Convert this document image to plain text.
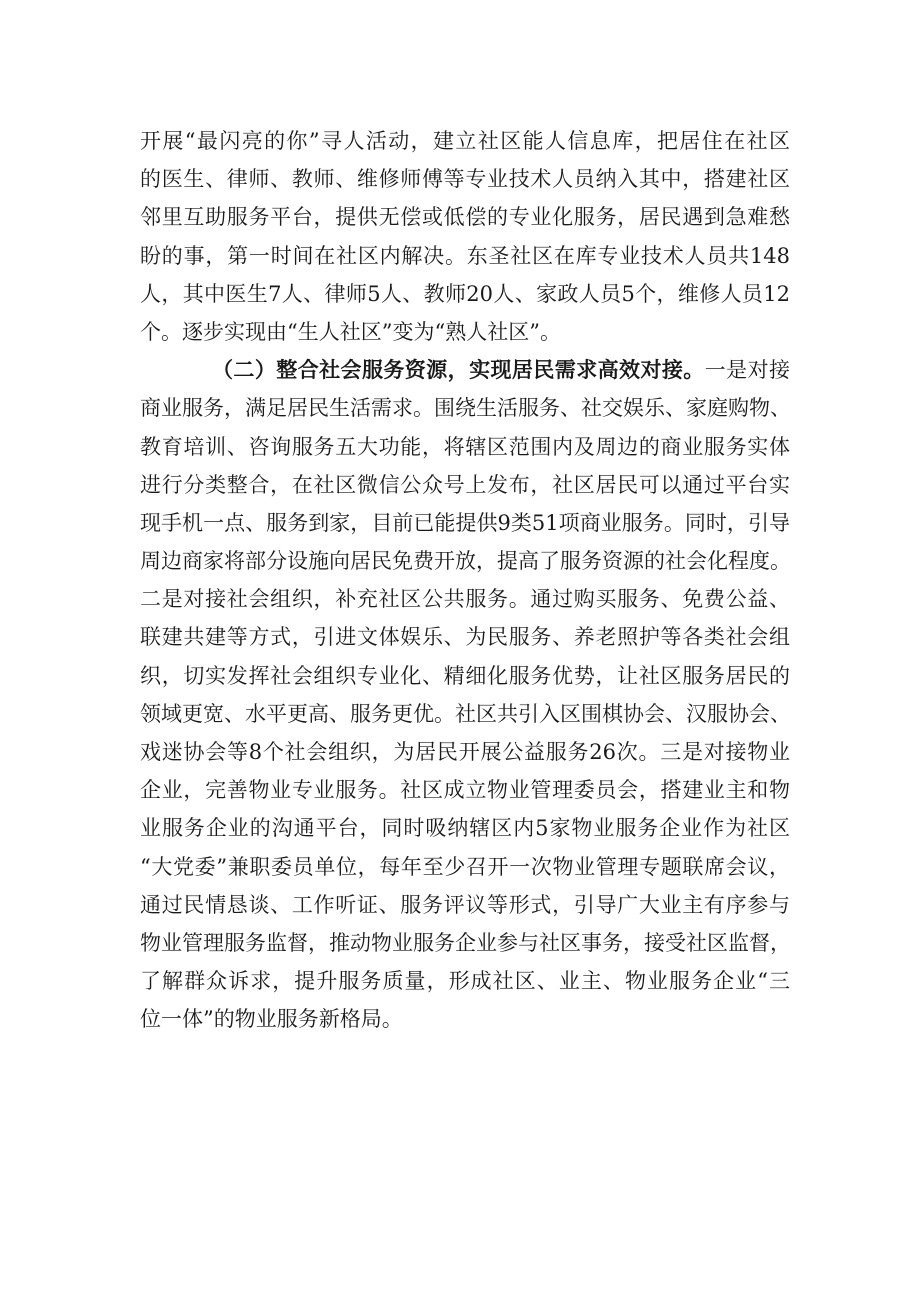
开展“最闪亮的你”寻人活动，建立社区能人信息库，把居住在社区
的医生、律师、教师、维修师傅等专业技术人员纳入其中，搭建社区
邻里互助服务平台，提供无偿或低偿的专业化服务，居民遇到急难愁
盼的事，第一时间在社区内解决。东圣社区在库专业技术人员共148
人，其中医生7人、律师5人、教师20人、家政人员5个，维修人员12
个。逐步实现由“生人社区”变为“熟人社区”。
（二）整合社会服务资源，实现居民需求高效对接。一是对接
商业服务，满足居民生活需求。围绕生活服务、社交娱乐、家庭购物、
教育培训、咨询服务五大功能，将辖区范围内及周边的商业服务实体
进行分类整合，在社区微信公众号上发布，社区居民可以通过平台实
现手机一点、服务到家，目前已能提供9类51项商业服务。同时，引导
周边商家将部分设施向居民免费开放，提高了服务资源的社会化程度。
二是对接社会组织，补充社区公共服务。通过购买服务、免费公益、
联建共建等方式，引进文体娱乐、为民服务、养老照护等各类社会组
织，切实发挥社会组织专业化、精细化服务优势，让社区服务居民的
领域更宽、水平更高、服务更优。社区共引入区围棋协会、汉服协会、
戏迷协会等8个社会组织，为居民开展公益服务26次。三是对接物业
企业，完善物业专业服务。社区成立物业管理委员会，搭建业主和物
业服务企业的沟通平台，同时吸纳辖区内5家物业服务企业作为社区
“大党委”兼职委员单位，每年至少召开一次物业管理专题联席会议，
通过民情恳谈、工作听证、服务评议等形式，引导广大业主有序参与
物业管理服务监督，推动物业服务企业参与社区事务，接受社区监督，
了解群众诉求，提升服务质量，形成社区、业主、物业服务企业“三
位一体”的物业服务新格局。
